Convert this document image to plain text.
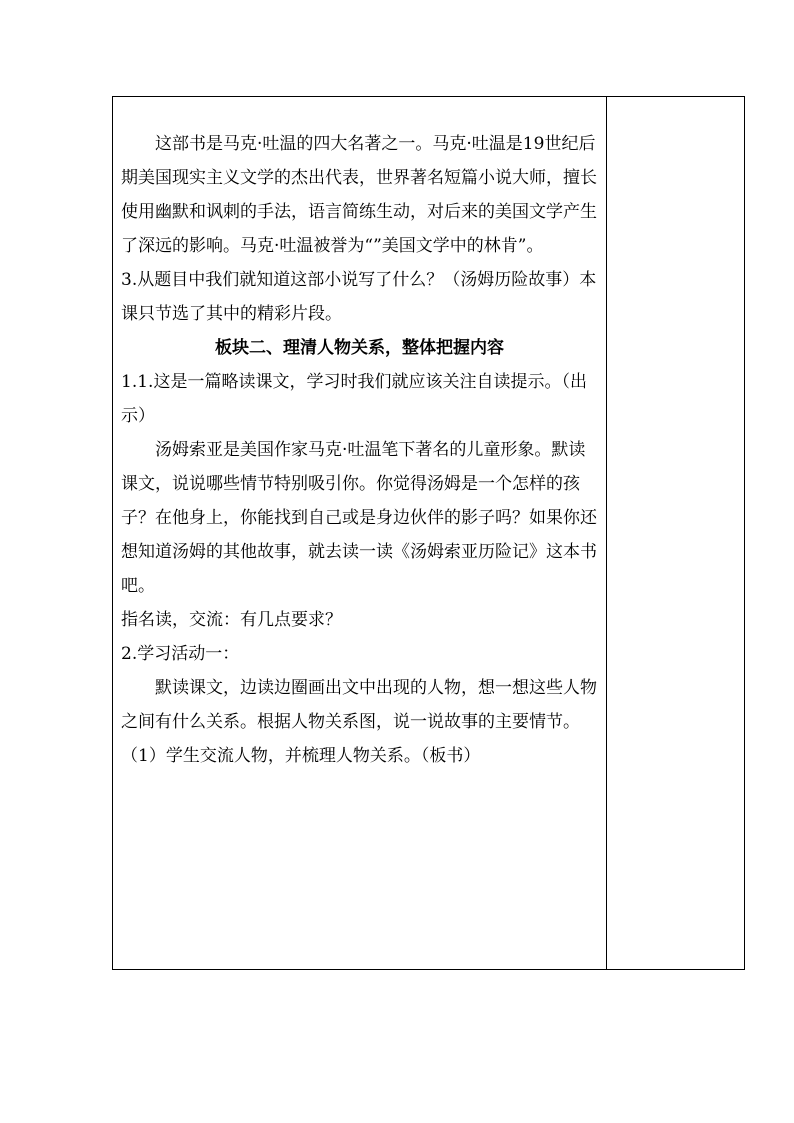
这部书是马克·吐温的四大名著之一。马克·吐温是19世纪后期美国现实主义文学的杰出代表，世界著名短篇小说大师，擅长使用幽默和讽刺的手法，语言简练生动，对后来的美国文学产生了深远的影响。马克·吐温被誉为“”美国文学中的林肯”。

3.从题目中我们就知道这部小说写了什么？（汤姆历险故事）本课只节选了其中的精彩片段。

板块二、理清人物关系，整体把握内容

1.1.这是一篇略读课文，学习时我们就应该关注自读提示。（出示）

汤姆索亚是美国作家马克·吐温笔下著名的儿童形象。默读课文，说说哪些情节特别吸引你。你觉得汤姆是一个怎样的孩子？在他身上，你能找到自己或是身边伙伴的影子吗？如果你还想知道汤姆的其他故事，就去读一读《汤姆索亚历险记》这本书吧。

指名读，交流：有几点要求？

2.学习活动一：

默读课文，边读边圈画出文中出现的人物，想一想这些人物之间有什么关系。根据人物关系图，说一说故事的主要情节。

（1）学生交流人物，并梳理人物关系。（板书）
